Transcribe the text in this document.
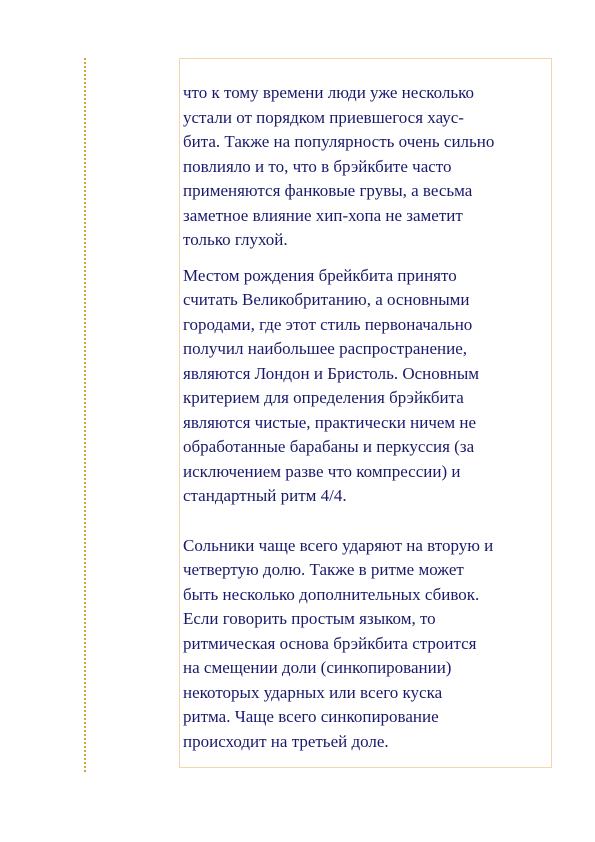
что к тому времени люди уже несколько
устали от порядком приевшегося хаус-
бита. Также на популярность очень сильно
повлияло и то, что в брэйкбите часто
применяются фанковые грувы, а весьма
заметное влияние хип-хопа не заметит
только глухой.

Местом рождения брейкбита принято
считать Великобританию, а основными
городами, где этот стиль первоначально
получил наибольшее распространение,
являются Лондон и Бристоль. Основным
критерием для определения брэйкбита
являются чистые, практически ничем не
обработанные барабаны и перкуссия (за
исключением разве что компрессии) и
стандартный ритм 4/4.

Сольники чаще всего ударяют на вторую и
четвертую долю. Также в ритме может
быть несколько дополнительных сбивок.
Если говорить простым языком, то
ритмическая основа брэйкбита строится
на смещении доли (синкопировании)
некоторых ударных или всего куска
ритма. Чаще всего синкопирование
происходит на третьей доле.
